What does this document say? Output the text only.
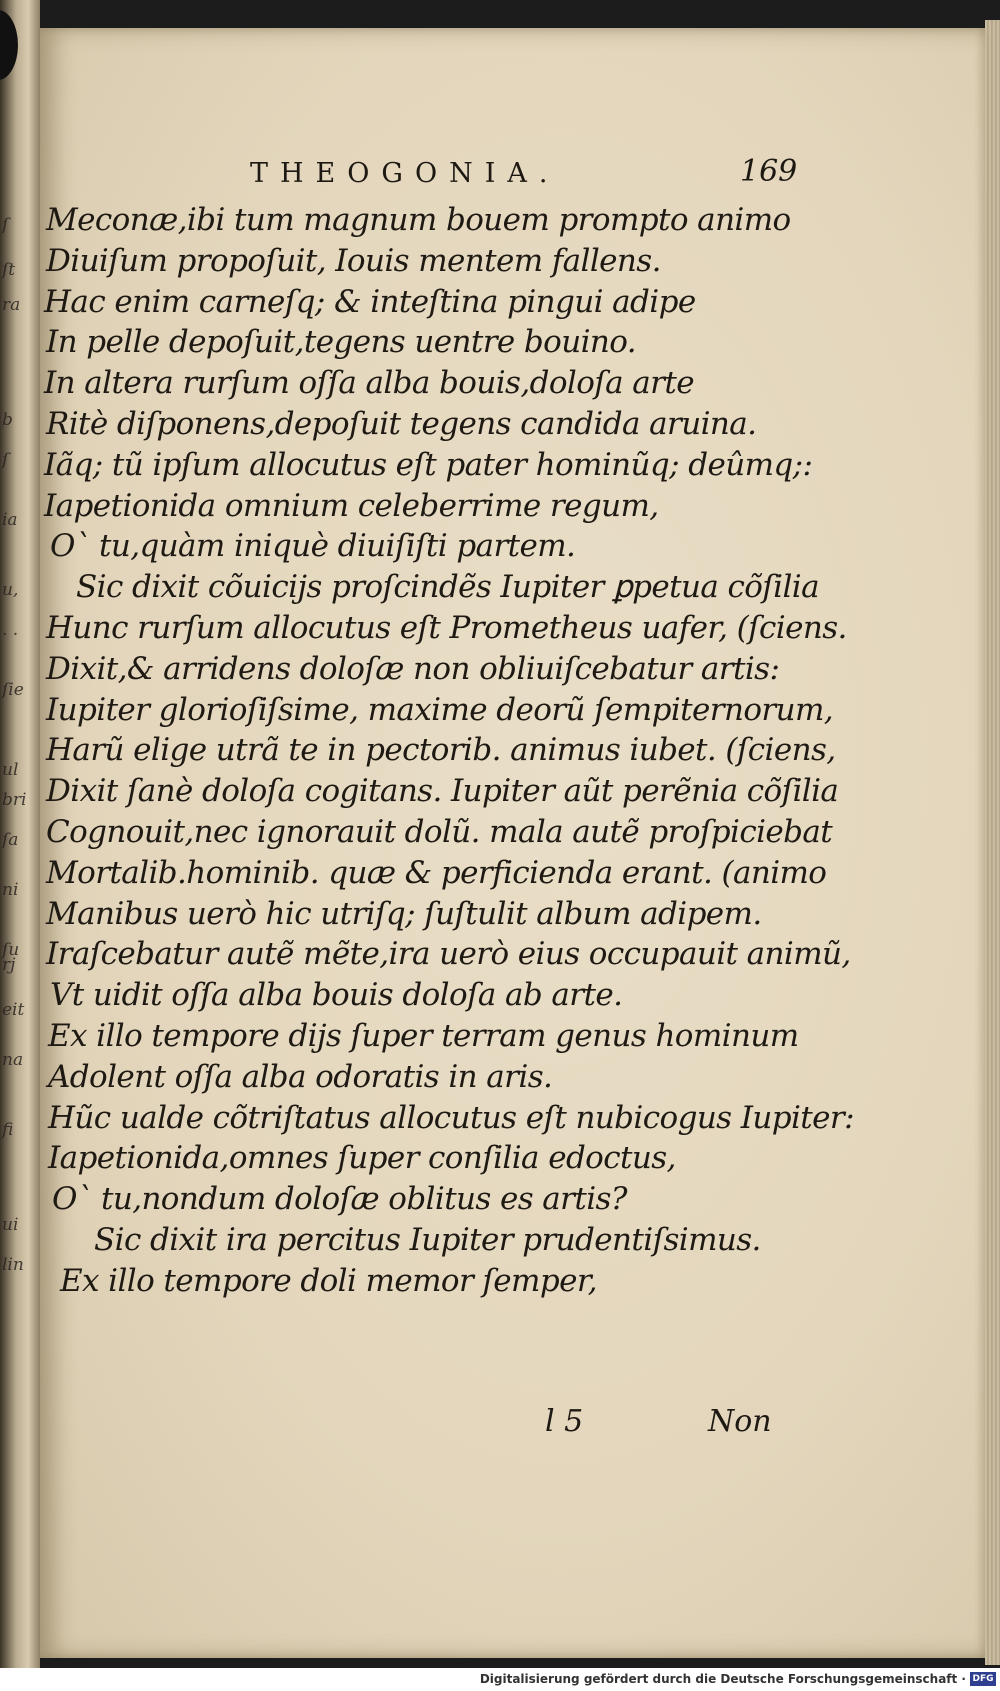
ſ
ſt
ra
b
ſ
ia
u,
. .
ſie
ul
bri
ſa
ni
ſu
rj
eit
na
fi
ui
lin
THEOGONIA.	169
Meconæ,ibi tum magnum bouem prompto animo
Diuiſum propoſuit, Iouis mentem fallens.
Hac enim carneſq; & inteſtina pingui adipe
In pelle depoſuit,tegens uentre bouino.
In altera rurſum oſſa alba bouis,doloſa arte
Ritè diſponens,depoſuit tegens candida aruina.
Iãq; tũ ipſum allocutus eſt pater hominũq; deûmq;:
Iapetionida omnium celeberrime regum,
O` tu,quàm iniquè diuiſiſti partem.
Sic dixit cõuicijs proſcindẽs Iupiter ꝑpetua cõſilia
Hunc rurſum allocutus eſt Prometheus uafer, (ſciens.
Dixit,& arridens doloſæ non obliuiſcebatur artis:
Iupiter glorioſiſsime, maxime deorũ ſempiternorum,
Harũ elige utrã te in pectorib. animus iubet. (ſciens,
Dixit ſanè doloſa cogitans. Iupiter aũt perẽnia cõſilia
Cognouit,nec ignorauit dolũ. mala autẽ proſpiciebat
Mortalib.hominib. quæ & perficienda erant. (animo
Manibus uerò hic utriſq; ſuſtulit album adipem.
Iraſcebatur autẽ mẽte,ira uerò eius occupauit animũ,
Vt uidit oſſa alba bouis doloſa ab arte.
Ex illo tempore dijs ſuper terram genus hominum
Adolent oſſa alba odoratis in aris.
Hũc ualde cõtriſtatus allocutus eſt nubicogus Iupiter:
Iapetionida,omnes ſuper conſilia edoctus,
O` tu,nondum doloſæ oblitus es artis?
Sic dixit ira percitus Iupiter prudentiſsimus.
Ex illo tempore doli memor ſemper,
l 5	Non
Digitalisierung gefördert durch die Deutsche Forschungsgemeinschaft · DFG
